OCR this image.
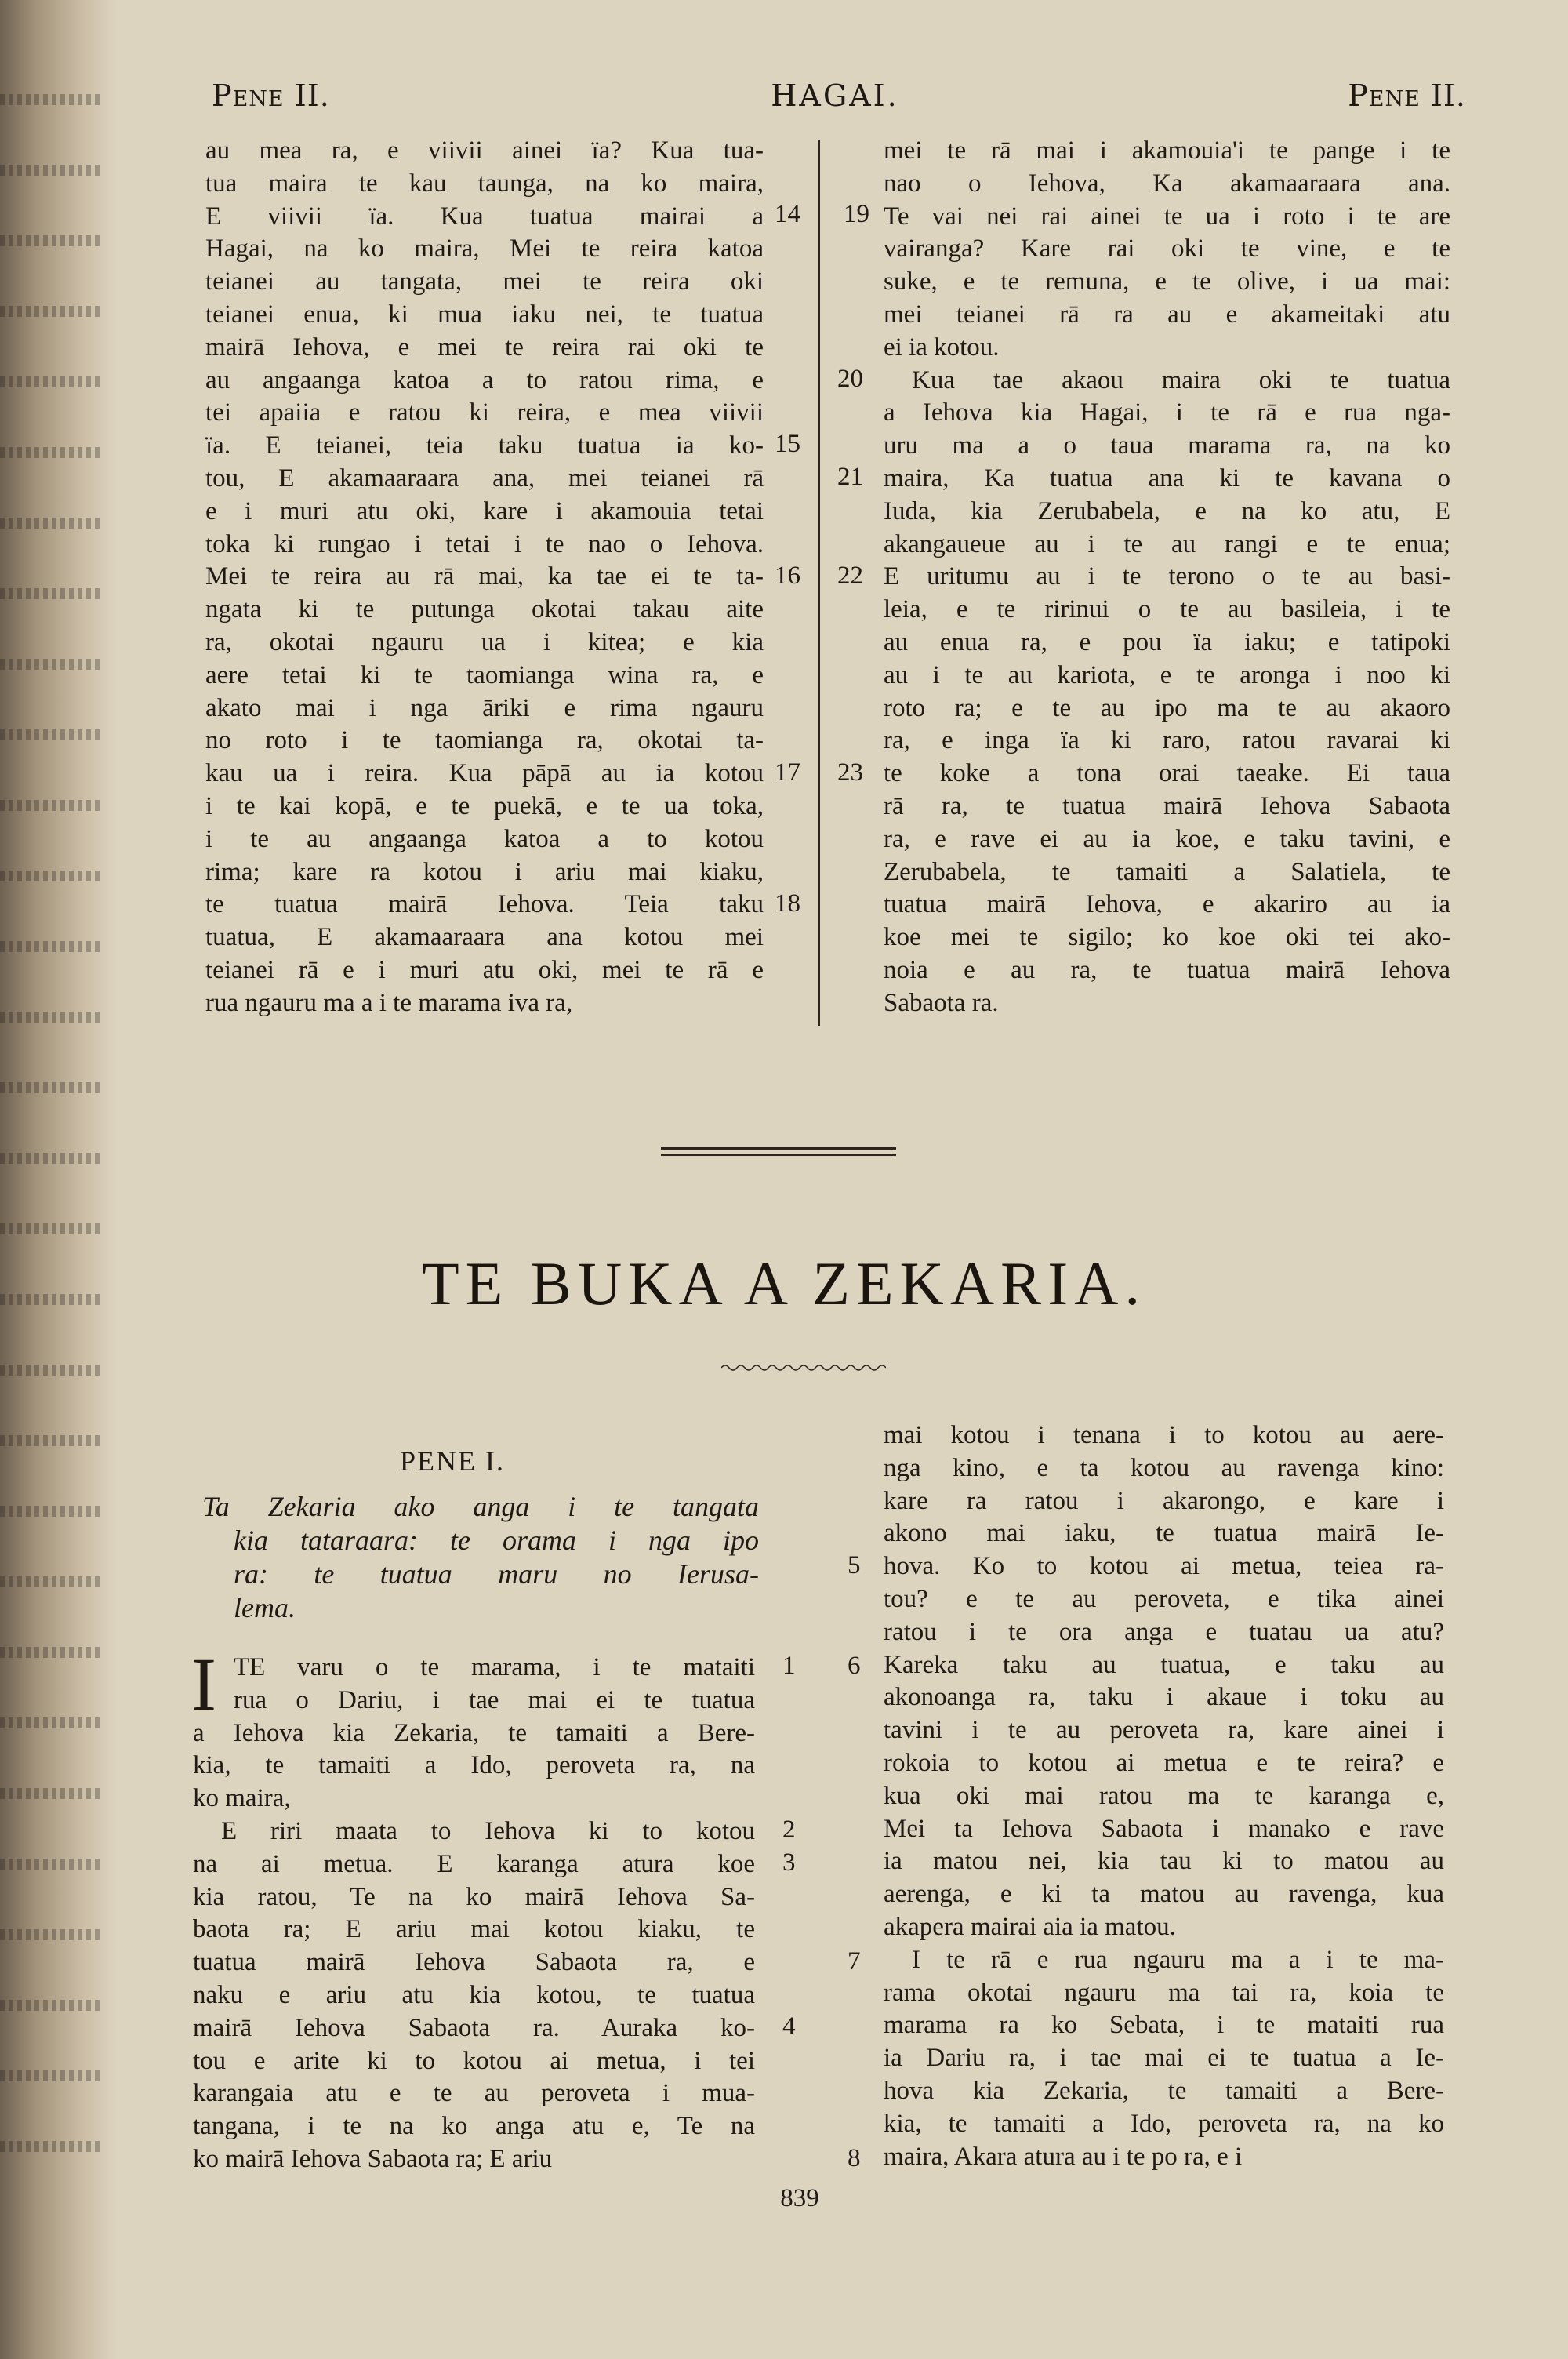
Pene II.	HAGAI.	Pene II.
au mea ra, e viivii ainei ïa? Kua tua-
tua maira te kau taunga, na ko maira,
E viivii ïa. Kua tuatua mairai a
Hagai, na ko maira, Mei te reira katoa
teianei au tangata, mei te reira oki
teianei enua, ki mua iaku nei, te tuatua
mairā Iehova, e mei te reira rai oki te
au angaanga katoa a to ratou rima, e
tei apaiia e ratou ki reira, e mea viivii
ïa. E teianei, teia taku tuatua ia ko-
tou, E akamaaraara ana, mei teianei rā
e i muri atu oki, kare i akamouia tetai
toka ki rungao i tetai i te nao o Iehova.
Mei te reira au rā mai, ka tae ei te ta-
ngata ki te putunga okotai takau aite
ra, okotai ngauru ua i kitea; e kia
aere tetai ki te taomianga wina ra, e
akato mai i nga āriki e rima ngauru
no roto i te taomianga ra, okotai ta-
kau ua i reira. Kua pāpā au ia kotou
i te kai kopā, e te puekā, e te ua toka,
i te au angaanga katoa a to kotou
rima; kare ra kotou i ariu mai kiaku,
te tuatua mairā Iehova. Teia taku
tuatua, E akamaaraara ana kotou mei
teianei rā e i muri atu oki, mei te rā e
rua ngauru ma a i te marama iva ra,
14
15
16
17
18
19
20
21
22
23
mei te rā mai i akamouia'i te pange i te
nao o Iehova, Ka akamaaraara ana.
Te vai nei rai ainei te ua i roto i te are
vairanga? Kare rai oki te vine, e te
suke, e te remuna, e te olive, i ua mai:
mei teianei rā ra au e akameitaki atu
ei ia kotou.
Kua tae akaou maira oki te tuatua
a Iehova kia Hagai, i te rā e rua nga-
uru ma a o taua marama ra, na ko
maira, Ka tuatua ana ki te kavana o
Iuda, kia Zerubabela, e na ko atu, E
akangaueue au i te au rangi e te enua;
E uritumu au i te terono o te au basi-
leia, e te ririnui o te au basileia, i te
au enua ra, e pou ïa iaku; e tatipoki
au i te au kariota, e te aronga i noo ki
roto ra; e te au ipo ma te au akaoro
ra, e inga ïa ki raro, ratou ravarai ki
te koke a tona orai taeake. Ei taua
rā ra, te tuatua mairā Iehova Sabaota
ra, e rave ei au ia koe, e taku tavini, e
Zerubabela, te tamaiti a Salatiela, te
tuatua mairā Iehova, e akariro au ia
koe mei te sigilo; ko koe oki tei ako-
noia e au ra, te tuatua mairā Iehova
Sabaota ra.
TE BUKA A ZEKARIA.
PENE I.
Ta Zekaria ako anga i te tangata
kia tataraara: te orama i nga ipo
ra: te tuatua maru no Ierusa-
lema.
I TE varu o te marama, i te mataiti
rua o Dariu, i tae mai ei te tuatua
a Iehova kia Zekaria, te tamaiti a Bere-
kia, te tamaiti a Ido, peroveta ra, na
ko maira,
E riri maata to Iehova ki to kotou
na ai metua. E karanga atura koe
kia ratou, Te na ko mairā Iehova Sa-
baota ra; E ariu mai kotou kiaku, te
tuatua mairā Iehova Sabaota ra, e
naku e ariu atu kia kotou, te tuatua
mairā Iehova Sabaota ra. Auraka ko-
tou e arite ki to kotou ai metua, i tei
karangaia atu e te au peroveta i mua-
tangana, i te na ko anga atu e, Te na
ko mairā Iehova Sabaota ra; E ariu
1
2
3
4
5
6
7
8
mai kotou i tenana i to kotou au aere-
nga kino, e ta kotou au ravenga kino:
kare ra ratou i akarongo, e kare i
akono mai iaku, te tuatua mairā Ie-
hova. Ko to kotou ai metua, teiea ra-
tou? e te au peroveta, e tika ainei
ratou i te ora anga e tuatau ua atu?
Kareka taku au tuatua, e taku au
akonoanga ra, taku i akaue i toku au
tavini i te au peroveta ra, kare ainei i
rokoia to kotou ai metua e te reira? e
kua oki mai ratou ma te karanga e,
Mei ta Iehova Sabaota i manako e rave
ia matou nei, kia tau ki to matou au
aerenga, e ki ta matou au ravenga, kua
akapera mairai aia ia matou.
I te rā e rua ngauru ma a i te ma-
rama okotai ngauru ma tai ra, koia te
marama ra ko Sebata, i te mataiti rua
ia Dariu ra, i tae mai ei te tuatua a Ie-
hova kia Zekaria, te tamaiti a Bere-
kia, te tamaiti a Ido, peroveta ra, na ko
maira, Akara atura au i te po ra, e i
839
